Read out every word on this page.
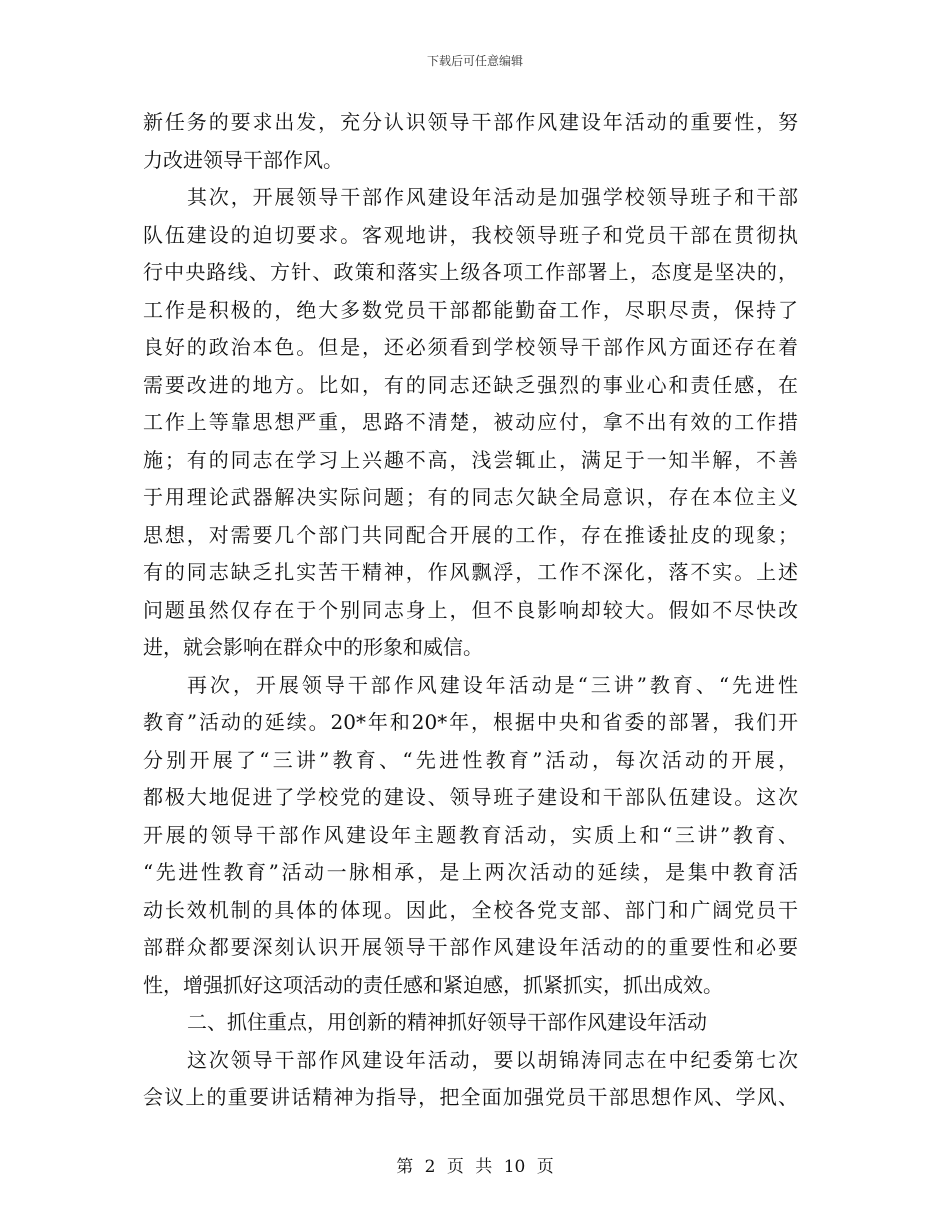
下载后可任意编辑
新任务的要求出发，充分认识领导干部作风建设年活动的重要性，努
力改进领导干部作风。
其次，开展领导干部作风建设年活动是加强学校领导班子和干部
队伍建设的迫切要求。客观地讲，我校领导班子和党员干部在贯彻执
行中央路线、方针、政策和落实上级各项工作部署上，态度是坚决的，
工作是积极的，绝大多数党员干部都能勤奋工作，尽职尽责，保持了
良好的政治本色。但是，还必须看到学校领导干部作风方面还存在着
需要改进的地方。比如，有的同志还缺乏强烈的事业心和责任感，在
工作上等靠思想严重，思路不清楚，被动应付，拿不出有效的工作措
施；有的同志在学习上兴趣不高，浅尝辄止，满足于一知半解，不善
于用理论武器解决实际问题；有的同志欠缺全局意识，存在本位主义
思想，对需要几个部门共同配合开展的工作，存在推诿扯皮的现象；
有的同志缺乏扎实苦干精神，作风飘浮，工作不深化，落不实。上述
问题虽然仅存在于个别同志身上，但不良影响却较大。假如不尽快改
进，就会影响在群众中的形象和威信。
再次，开展领导干部作风建设年活动是“三讲”教育、“先进性
教育”活动的延续。20*年和20*年，根据中央和省委的部署，我们开
分别开展了“三讲”教育、“先进性教育”活动，每次活动的开展，
都极大地促进了学校党的建设、领导班子建设和干部队伍建设。这次
开展的领导干部作风建设年主题教育活动，实质上和“三讲”教育、
“先进性教育”活动一脉相承，是上两次活动的延续，是集中教育活
动长效机制的具体的体现。因此，全校各党支部、部门和广阔党员干
部群众都要深刻认识开展领导干部作风建设年活动的的重要性和必要
性，增强抓好这项活动的责任感和紧迫感，抓紧抓实，抓出成效。
二、抓住重点，用创新的精神抓好领导干部作风建设年活动
这次领导干部作风建设年活动，要以胡锦涛同志在中纪委第七次
会议上的重要讲话精神为指导，把全面加强党员干部思想作风、学风、
第 2 页 共 10 页
